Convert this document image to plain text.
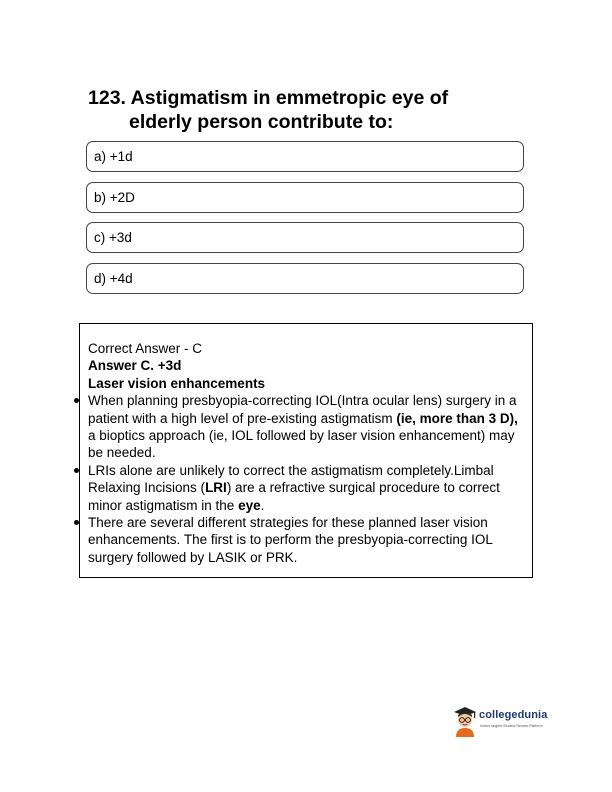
123. Astigmatism in emmetropic eye of
elderly person contribute to:
a) +1d
b) +2D
c) +3d
d) +4d

Correct Answer - C

Answer C. +3d

Laser vision enhancements

When planning presbyopia-correcting IOL(Intra ocular lens) surgery in a patient with a high level of pre-existing astigmatism (ie, more than 3 D), a bioptics approach (ie, IOL followed by laser vision enhancement) may be needed.

LRIs alone are unlikely to correct the astigmatism completely.Limbal Relaxing Incisions (LRI) are a refractive surgical procedure to correct minor astigmatism in the eye.

There are several different strategies for these planned laser vision enhancements. The first is to perform the presbyopia-correcting IOL surgery followed by LASIK or PRK.

collegedunia
India's largest Student Review Platform
